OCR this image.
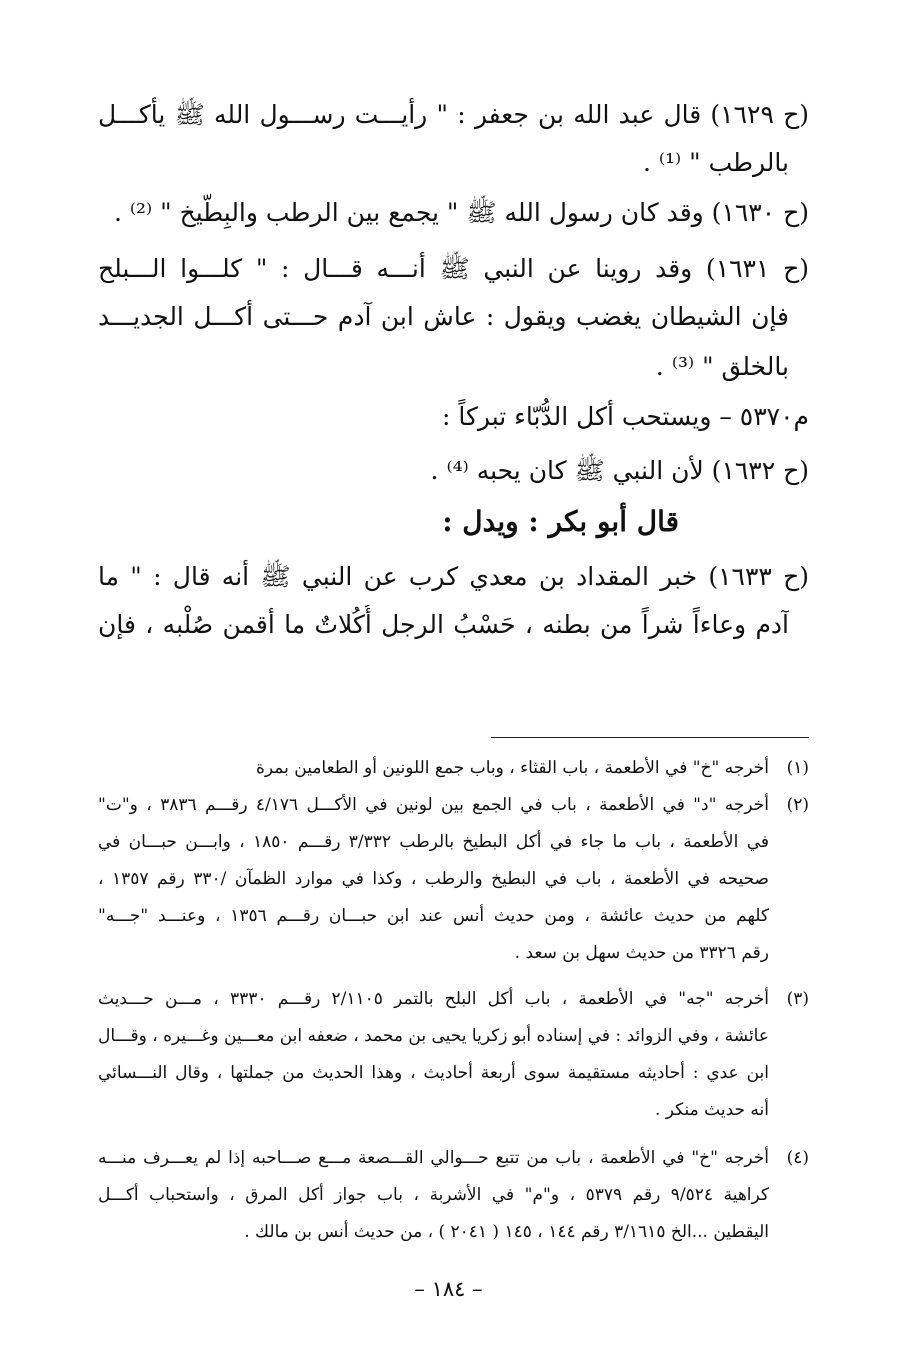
(ح ١٦٢٩) قال عبد الله بن جعفر : " رأيـــت رســـول الله ﷺ يأكـــل
بالرطب " ⁽¹⁾ .
(ح ١٦٣٠) وقد كان رسول الله ﷺ " يجمع بين الرطب والبِطّيخ " ⁽²⁾ .
(ح ١٦٣١) وقد روينا عن النبي ﷺ أنـــه قـــال : " كلـــوا الـــبلح
فإن الشيطان يغضب ويقول : عاش ابن آدم حـــتى أكـــل الجديـــد
بالخلق " ⁽³⁾ .
م٥٣٧٠ – ويستحب أكل الدُّبّاء تبركاً :
(ح ١٦٣٢) لأن النبي ﷺ كان يحبه ⁽⁴⁾ .
قال أبو بكر : ويدل :
(ح ١٦٣٣) خبر المقداد بن معدي كرب عن النبي ﷺ أنه قال : " ما
آدم وعاءاً شراً من بطنه ، حَسْبُ الرجل أُكُلاتٌ ما أقمن صُلْبه ، فإن
(١)أخرجه "خ" في الأطعمة ، باب القثاء ، وباب جمع اللونين أو الطعامين بمرة
(٢)أخرجه "د" في الأطعمة ، باب في الجمع بين لونين في الأكـــل ٤/١٧٦ رقـــم ٣٨٣٦ ، و"ت"
في الأطعمة ، باب ما جاء في أكل البطيخ بالرطب ٣/٣٣٢ رقـــم ١٨٥٠ ، وابـــن حبـــان في
صحيحه في الأطعمة ، باب في البطيخ والرطب ، وكذا في موارد الظمآن /٣٣٠ رقم ١٣٥٧ ،
كلهم من حديث عائشة ، ومن حديث أنس عند ابن حبـــان رقـــم ١٣٥٦ ، وعنـــد "جـــه"
رقم ٣٣٢٦ من حديث سهل بن سعد .
(٣)أخرجه "جه" في الأطعمة ، باب أكل البلح بالتمر ٢/١١٠٥ رقـــم ٣٣٣٠ ، مـــن حـــديث
عائشة ، وفي الزوائد : في إسناده أبو زكريا يحيى بن محمد ، ضعفه ابن معـــين وغـــيره ، وقـــال
ابن عدي : أحاديثه مستقيمة سوى أربعة أحاديث ، وهذا الحديث من جملتها ، وقال النـــسائي
أنه حديث منكر .
(٤)أخرجه "خ" في الأطعمة ، باب من تتبع حـــوالي القـــصعة مـــع صـــاحبه إذا لم يعـــرف منـــه
كراهية ٩/٥٢٤ رقم ٥٣٧٩ ، و"م" في الأشربة ، باب جواز أكل المرق ، واستحباب أكـــل
اليقطين ...الخ ٣/١٦١٥ رقم ١٤٤ ، ١٤٥ ( ٢٠٤١ ) ، من حديث أنس بن مالك .
– ١٨٤ –
